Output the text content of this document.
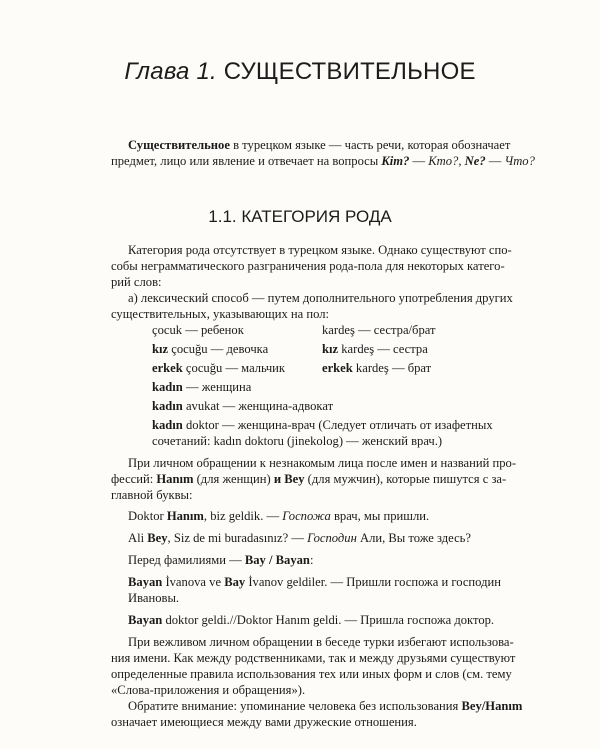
Глава 1. СУЩЕСТВИТЕЛЬНОЕ
Существительное в турецком языке — часть речи, которая обозначает
предмет, лицо или явление и отвечает на вопросы Kim? — Кто?, Ne? — Что?
1.1. КАТЕГОРИЯ РОДА
Категория рода отсутствует в турецком языке. Однако существуют спо-
собы неграмматического разграничения рода-пола для некоторых катего-
рий слов:
а) лексический способ — путем дополнительного употребления других
существительных, указывающих на пол:
çocuk — ребенок	kardeş — сестра/брат
kız çocuğu — девочка	kız kardeş — сестра
erkek çocuğu — мальчик	erkek kardeş — брат
kadın — женщина
kadın avukat — женщина-адвокат
kadın doktor — женщина-врач (Следует отличать от изафетных
сочетаний: kadın doktoru (jinekolog) — женский врач.)
При личном обращении к незнакомым лица после имен и названий про-
фессий: Hanım (для женщин) и Bey (для мужчин), которые пишутся с за-
главной буквы:
Doktor Hanım, biz geldik. — Госпожа врач, мы пришли.
Ali Bey, Siz de mi buradasınız? — Господин Али, Вы тоже здесь?
Перед фамилиями — Bay / Bayan:
Bayan İvanova ve Bay İvanov geldiler. — Пришли госпожа и господин
Ивановы.
Bayan doktor geldi.//Doktor Hanım geldi. — Пришла госпожа доктор.
При вежливом личном обращении в беседе турки избегают использова-
ния имени. Как между родственниками, так и между друзьями существуют
определенные правила использования тех или иных форм и слов (см. тему
«Слова-приложения и обращения»).
Обратите внимание: упоминание человека без использования Bey/Hanım
означает имеющиеся между вами дружеские отношения.
